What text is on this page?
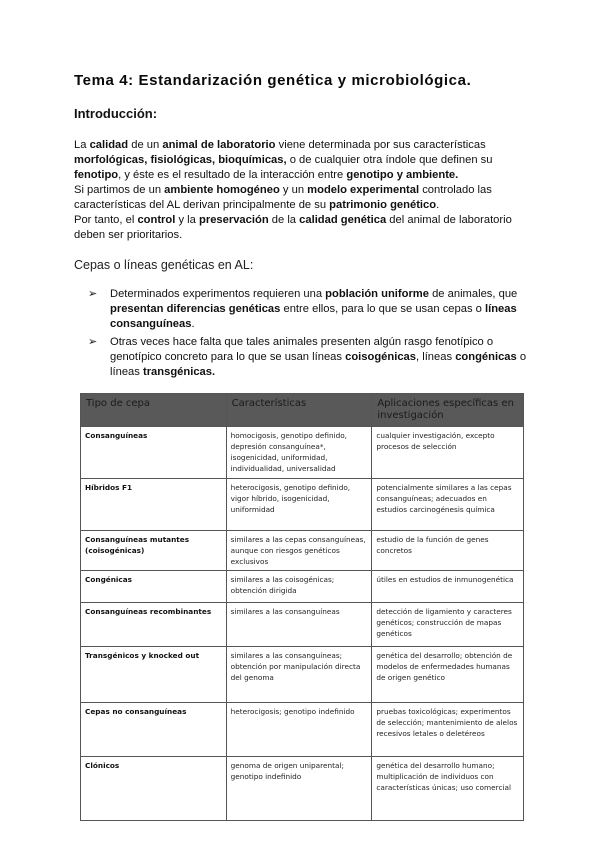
Tema 4: Estandarización genética y microbiológica.
Introducción:
La calidad de un animal de laboratorio viene determinada por sus características morfológicas, fisiológicas, bioquímicas, o de cualquier otra índole que definen su fenotipo, y éste es el resultado de la interacción entre genotipo y ambiente.
Si partimos de un ambiente homogéneo y un modelo experimental controlado las características del AL derivan principalmente de su patrimonio genético.
Por tanto, el control y la preservación de la calidad genética del animal de laboratorio deben ser prioritarios.
Cepas o líneas genéticas en AL:
➢ Determinados experimentos requieren una población uniforme de animales, que presentan diferencias genéticas entre ellos, para lo que se usan cepas o líneas consanguíneas.
➢ Otras veces hace falta que tales animales presenten algún rasgo fenotípico o genotípico concreto para lo que se usan líneas coisogénicas, líneas congénicas o líneas transgénicas.
Tipo de cepa	Características	Aplicaciones específicas en investigación
Consanguíneas	homocigosis, genotipo definido, depresión consanguínea*, isogenicidad, uniformidad, individualidad, universalidad	cualquier investigación, excepto procesos de selección
Híbridos F1	heterocigosis, genotipo definido, vigor híbrido, isogenicidad, uniformidad	potencialmente similares a las cepas consanguíneas; adecuados en estudios carcinogénesis química
Consanguíneas mutantes (coisogénicas)	similares a las cepas consanguíneas, aunque con riesgos genéticos exclusivos	estudio de la función de genes concretos
Congénicas	similares a las coisogénicas; obtención dirigida	útiles en estudios de inmunogenética
Consanguíneas recombinantes	similares a las consanguíneas	detección de ligamiento y caracteres genéticos; construcción de mapas genéticos
Transgénicos y knocked out	similares a las consanguíneas; obtención por manipulación directa del genoma	genética del desarrollo; obtención de modelos de enfermedades humanas de origen genético
Cepas no consanguíneas	heterocigosis; genotipo indefinido	pruebas toxicológicas; experimentos de selección; mantenimiento de alelos recesivos letales o deletéreos
Clónicos	genoma de origen uniparental; genotipo indefinido	genética del desarrollo humano; multiplicación de individuos con características únicas; uso comercial
